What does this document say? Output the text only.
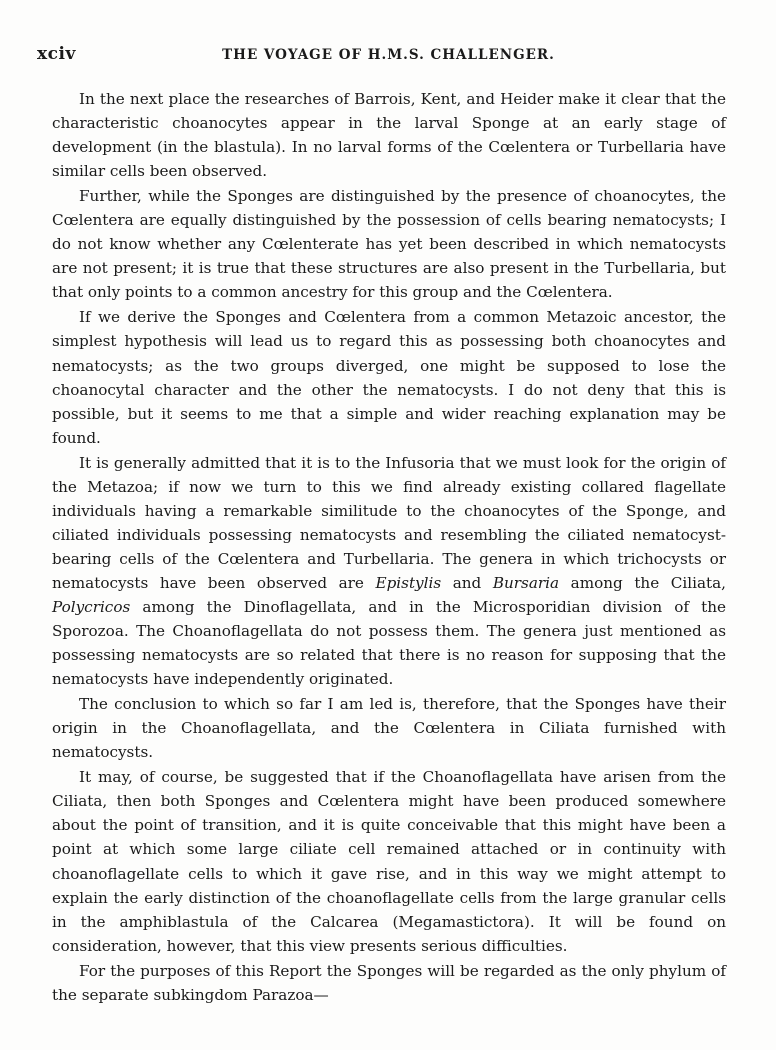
xciv	THE VOYAGE OF H.M.S. CHALLENGER.

In the next place the researches of Barrois, Kent, and Heider make it clear that the characteristic choanocytes appear in the larval Sponge at an early stage of development (in the blastula). In no larval forms of the Cœlentera or Turbellaria have similar cells been observed.

Further, while the Sponges are distinguished by the presence of choanocytes, the Cœlentera are equally distinguished by the possession of cells bearing nematocysts; I do not know whether any Cœlenterate has yet been described in which nematocysts are not present; it is true that these structures are also present in the Turbellaria, but that only points to a common ancestry for this group and the Cœlentera.

If we derive the Sponges and Cœlentera from a common Metazoic ancestor, the simplest hypothesis will lead us to regard this as possessing both choanocytes and nematocysts; as the two groups diverged, one might be supposed to lose the choanocytal character and the other the nematocysts. I do not deny that this is possible, but it seems to me that a simple and wider reaching explanation may be found.

It is generally admitted that it is to the Infusoria that we must look for the origin of the Metazoa; if now we turn to this we find already existing collared flagellate individuals having a remarkable similitude to the choanocytes of the Sponge, and ciliated individuals possessing nematocysts and resembling the ciliated nematocyst-bearing cells of the Cœlentera and Turbellaria. The genera in which trichocysts or nematocysts have been observed are Epistylis and Bursaria among the Ciliata, Polycricos among the Dinoflagellata, and in the Microsporidian division of the Sporozoa. The Choanoflagellata do not possess them. The genera just mentioned as possessing nematocysts are so related that there is no reason for supposing that the nematocysts have independently originated.

The conclusion to which so far I am led is, therefore, that the Sponges have their origin in the Choanoflagellata, and the Cœlentera in Ciliata furnished with nematocysts.

It may, of course, be suggested that if the Choanoflagellata have arisen from the Ciliata, then both Sponges and Cœlentera might have been produced somewhere about the point of transition, and it is quite conceivable that this might have been a point at which some large ciliate cell remained attached or in continuity with choanoflagellate cells to which it gave rise, and in this way we might attempt to explain the early distinction of the choanoflagellate cells from the large granular cells in the amphiblastula of the Calcarea (Megamastictora). It will be found on consideration, however, that this view presents serious difficulties.

For the purposes of this Report the Sponges will be regarded as the only phylum of the separate subkingdom Parazoa—
